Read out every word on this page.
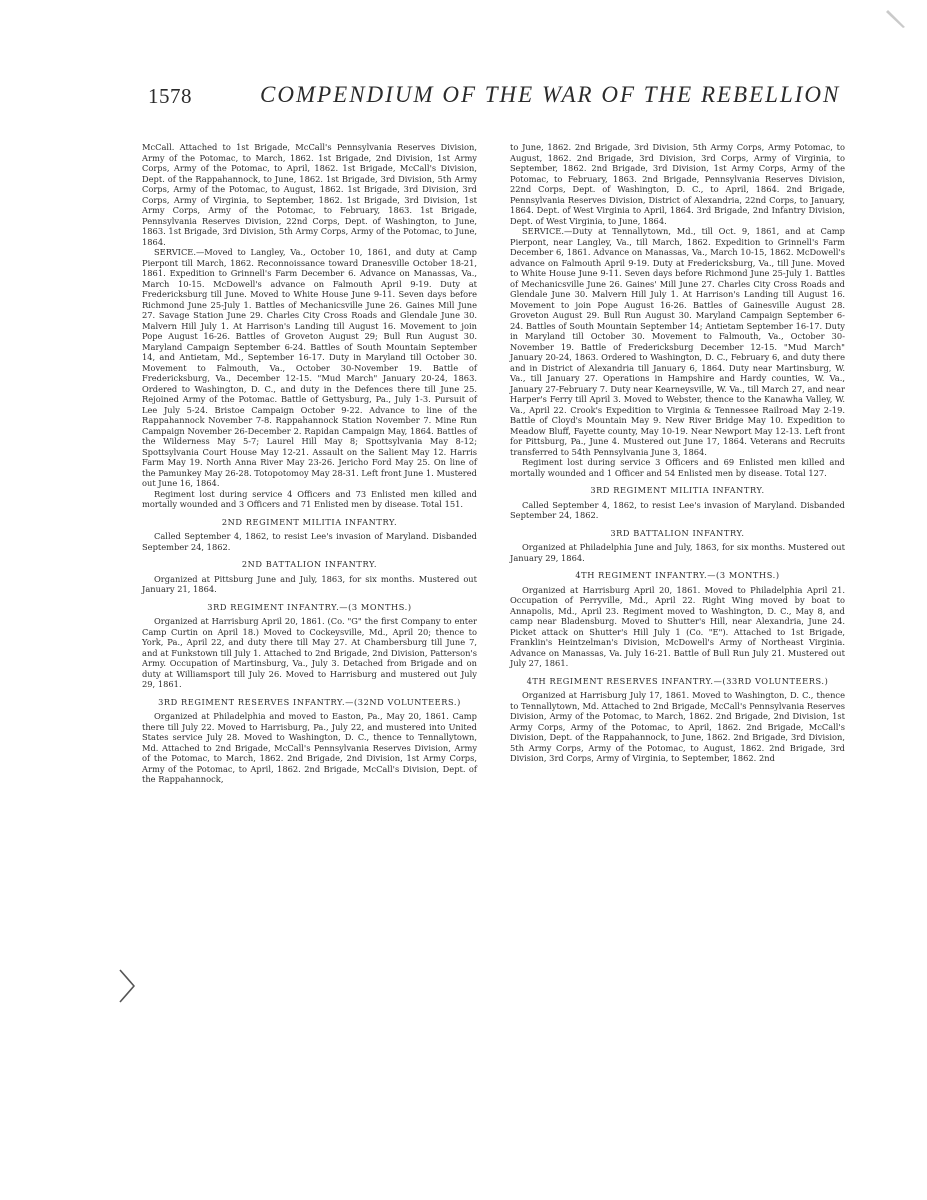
1578	COMPENDIUM OF THE WAR OF THE REBELLION

McCall. Attached to 1st Brigade, McCall's Pennsylvania Reserves Division, Army of the Potomac, to March, 1862. 1st Brigade, 2nd Division, 1st Army Corps, Army of the Potomac, to April, 1862. 1st Brigade, McCall's Division, Dept. of the Rappahannock, to June, 1862. 1st Brigade, 3rd Division, 5th Army Corps, Army of the Potomac, to August, 1862. 1st Brigade, 3rd Division, 3rd Corps, Army of Virginia, to September, 1862. 1st Brigade, 3rd Division, 1st Army Corps, Army of the Potomac, to February, 1863. 1st Brigade, Pennsylvania Reserves Division, 22nd Corps, Dept. of Washington, to June, 1863. 1st Brigade, 3rd Division, 5th Army Corps, Army of the Potomac, to June, 1864.

SERVICE.—Moved to Langley, Va., October 10, 1861, and duty at Camp Pierpont till March, 1862. Reconnoissance toward Dranesville October 18-21, 1861. Expedition to Grinnell's Farm December 6. Advance on Manassas, Va., March 10-15. McDowell's advance on Falmouth April 9-19. Duty at Fredericksburg till June. Moved to White House June 9-11. Seven days before Richmond June 25-July 1. Battles of Mechanicsville June 26. Gaines Mill June 27. Savage Station June 29. Charles City Cross Roads and Glendale June 30. Malvern Hill July 1. At Harrison's Landing till August 16. Movement to join Pope August 16-26. Battles of Groveton August 29; Bull Run August 30. Maryland Campaign September 6-24. Battles of South Mountain September 14, and Antietam, Md., September 16-17. Duty in Maryland till October 30. Movement to Falmouth, Va., October 30-November 19. Battle of Fredericksburg, Va., December 12-15. "Mud March" January 20-24, 1863. Ordered to Washington, D. C., and duty in the Defences there till June 25. Rejoined Army of the Potomac. Battle of Gettysburg, Pa., July 1-3. Pursuit of Lee July 5-24. Bristoe Campaign October 9-22. Advance to line of the Rappahannock November 7-8. Rappahannock Station November 7. Mine Run Campaign November 26-December 2. Rapidan Campaign May, 1864. Battles of the Wilderness May 5-7; Laurel Hill May 8; Spottsylvania May 8-12; Spottsylvania Court House May 12-21. Assault on the Salient May 12. Harris Farm May 19. North Anna River May 23-26. Jericho Ford May 25. On line of the Pamunkey May 26-28. Totopotomoy May 28-31. Left front June 1. Mustered out June 16, 1864.

Regiment lost during service 4 Officers and 73 Enlisted men killed and mortally wounded and 3 Officers and 71 Enlisted men by disease. Total 151.

2ND REGIMENT MILITIA INFANTRY.

Called September 4, 1862, to resist Lee's invasion of Maryland. Disbanded September 24, 1862.

2ND BATTALION INFANTRY.

Organized at Pittsburg June and July, 1863, for six months. Mustered out January 21, 1864.

3RD REGIMENT INFANTRY.—(3 MONTHS.)

Organized at Harrisburg April 20, 1861. (Co. "G" the first Company to enter Camp Curtin on April 18.) Moved to Cockeysville, Md., April 20; thence to York, Pa., April 22, and duty there till May 27. At Chambersburg till June 7, and at Funkstown till July 1. Attached to 2nd Brigade, 2nd Division, Patterson's Army. Occupation of Martinsburg, Va., July 3. Detached from Brigade and on duty at Williamsport till July 26. Moved to Harrisburg and mustered out July 29, 1861.

3RD REGIMENT RESERVES INFANTRY.—(32ND VOLUNTEERS.)

Organized at Philadelphia and moved to Easton, Pa., May 20, 1861. Camp there till July 22. Moved to Harrisburg, Pa., July 22, and mustered into United States service July 28. Moved to Washington, D. C., thence to Tennallytown, Md. Attached to 2nd Brigade, McCall's Pennsylvania Reserves Division, Army of the Potomac, to March, 1862. 2nd Brigade, 2nd Division, 1st Army Corps, Army of the Potomac, to April, 1862. 2nd Brigade, McCall's Division, Dept. of the Rappahannock,

to June, 1862. 2nd Brigade, 3rd Division, 5th Army Corps, Army Potomac, to August, 1862. 2nd Brigade, 3rd Division, 3rd Corps, Army of Virginia, to September, 1862. 2nd Brigade, 3rd Division, 1st Army Corps, Army of the Potomac, to February, 1863. 2nd Brigade, Pennsylvania Reserves Division, 22nd Corps, Dept. of Washington, D. C., to April, 1864. 2nd Brigade, Pennsylvania Reserves Division, District of Alexandria, 22nd Corps, to January, 1864. Dept. of West Virginia to April, 1864. 3rd Brigade, 2nd Infantry Division, Dept. of West Virginia, to June, 1864.

SERVICE.—Duty at Tennallytown, Md., till Oct. 9, 1861, and at Camp Pierpont, near Langley, Va., till March, 1862. Expedition to Grinnell's Farm December 6, 1861. Advance on Manassas, Va., March 10-15, 1862. McDowell's advance on Falmouth April 9-19. Duty at Fredericksburg, Va., till June. Moved to White House June 9-11. Seven days before Richmond June 25-July 1. Battles of Mechanicsville June 26. Gaines' Mill June 27. Charles City Cross Roads and Glendale June 30. Malvern Hill July 1. At Harrison's Landing till August 16. Movement to join Pope August 16-26. Battles of Gainesville August 28. Groveton August 29. Bull Run August 30. Maryland Campaign September 6-24. Battles of South Mountain September 14; Antietam September 16-17. Duty in Maryland till October 30. Movement to Falmouth, Va., October 30-November 19. Battle of Fredericksburg December 12-15. "Mud March" January 20-24, 1863. Ordered to Washington, D. C., February 6, and duty there and in District of Alexandria till January 6, 1864. Duty near Martinsburg, W. Va., till January 27. Operations in Hampshire and Hardy counties, W. Va., January 27-February 7. Duty near Kearneysville, W. Va., till March 27, and near Harper's Ferry till April 3. Moved to Webster, thence to the Kanawha Valley, W. Va., April 22. Crook's Expedition to Virginia & Tennessee Railroad May 2-19. Battle of Cloyd's Mountain May 9. New River Bridge May 10. Expedition to Meadow Bluff, Fayette county, May 10-19. Near Newport May 12-13. Left front for Pittsburg, Pa., June 4. Mustered out June 17, 1864. Veterans and Recruits transferred to 54th Pennsylvania June 3, 1864.

Regiment lost during service 3 Officers and 69 Enlisted men killed and mortally wounded and 1 Officer and 54 Enlisted men by disease. Total 127.

3RD REGIMENT MILITIA INFANTRY.

Called September 4, 1862, to resist Lee's invasion of Maryland. Disbanded September 24, 1862.

3RD BATTALION INFANTRY.

Organized at Philadelphia June and July, 1863, for six months. Mustered out January 29, 1864.

4TH REGIMENT INFANTRY.—(3 MONTHS.)

Organized at Harrisburg April 20, 1861. Moved to Philadelphia April 21. Occupation of Perryville, Md., April 22. Right Wing moved by boat to Annapolis, Md., April 23. Regiment moved to Washington, D. C., May 8, and camp near Bladensburg. Moved to Shutter's Hill, near Alexandria, June 24. Picket attack on Shutter's Hill July 1 (Co. "E"). Attached to 1st Brigade, Franklin's Heintzelman's Division, McDowell's Army of Northeast Virginia. Advance on Manassas, Va. July 16-21. Battle of Bull Run July 21. Mustered out July 27, 1861.

4TH REGIMENT RESERVES INFANTRY.—(33RD VOLUNTEERS.)

Organized at Harrisburg July 17, 1861. Moved to Washington, D. C., thence to Tennallytown, Md. Attached to 2nd Brigade, McCall's Pennsylvania Reserves Division, Army of the Potomac, to March, 1862. 2nd Brigade, 2nd Division, 1st Army Corps, Army of the Potomac, to April, 1862. 2nd Brigade, McCall's Division, Dept. of the Rappahannock, to June, 1862. 2nd Brigade, 3rd Division, 5th Army Corps, Army of the Potomac, to August, 1862. 2nd Brigade, 3rd Division, 3rd Corps, Army of Virginia, to September, 1862. 2nd
